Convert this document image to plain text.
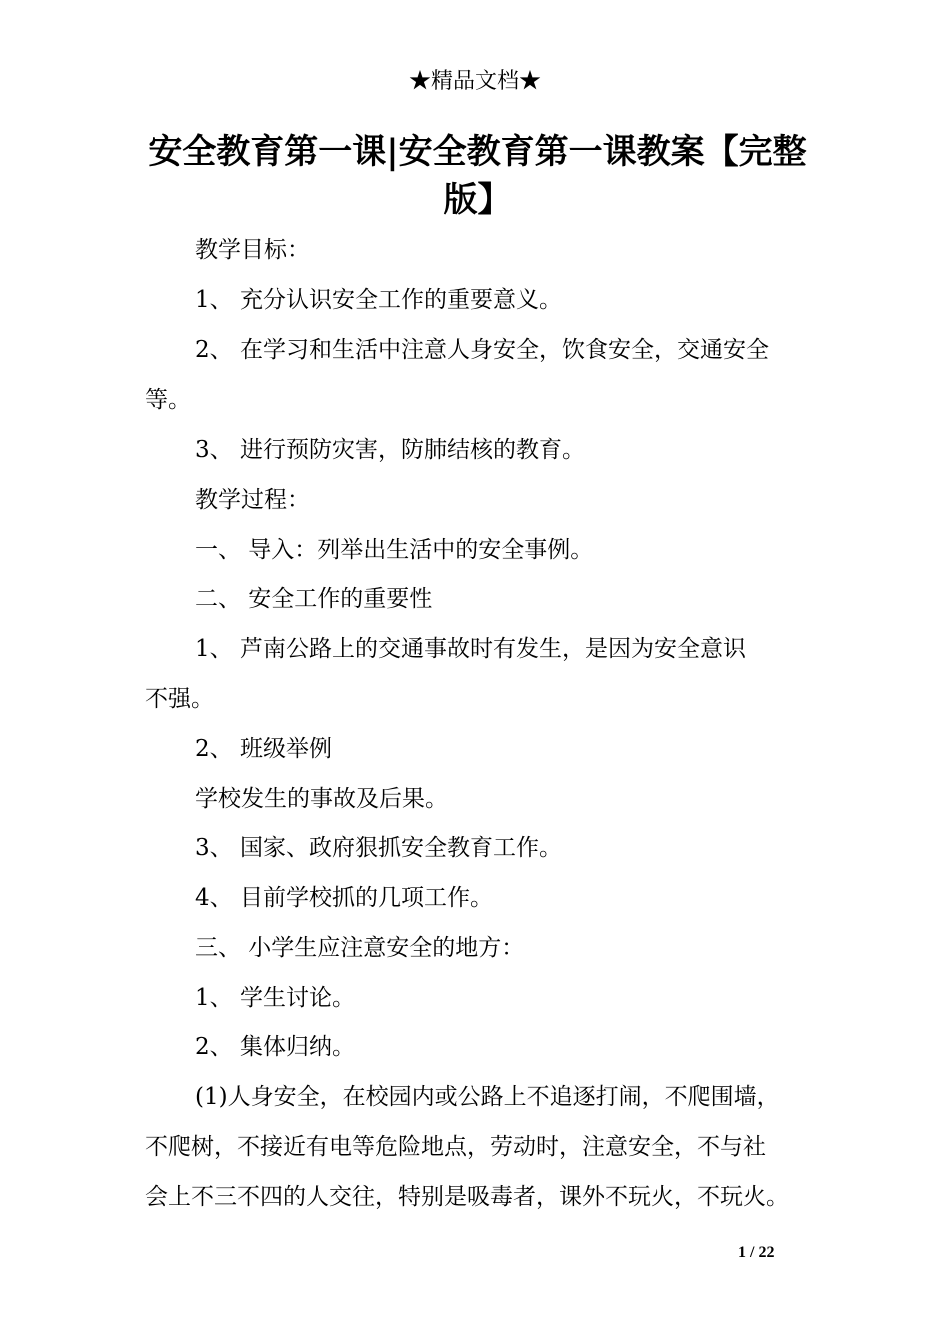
★精品文档★
安全教育第一课|安全教育第一课教案【完整版】
教学目标：
1、 充分认识安全工作的重要意义。
2、 在学习和生活中注意人身安全，饮食安全，交通安全
等。
3、 进行预防灾害，防肺结核的教育。
教学过程：
一、 导入：列举出生活中的安全事例。
二、 安全工作的重要性
1、 芦南公路上的交通事故时有发生，是因为安全意识
不强。
2、 班级举例
学校发生的事故及后果。
3、 国家、政府狠抓安全教育工作。
4、 目前学校抓的几项工作。
三、 小学生应注意安全的地方：
1、 学生讨论。
2、 集体归纳。
(1)人身安全，在校园内或公路上不追逐打闹，不爬围墙，
不爬树，不接近有电等危险地点，劳动时，注意安全，不与社
会上不三不四的人交往，特别是吸毒者，课外不玩火，不玩火。
1 / 22
